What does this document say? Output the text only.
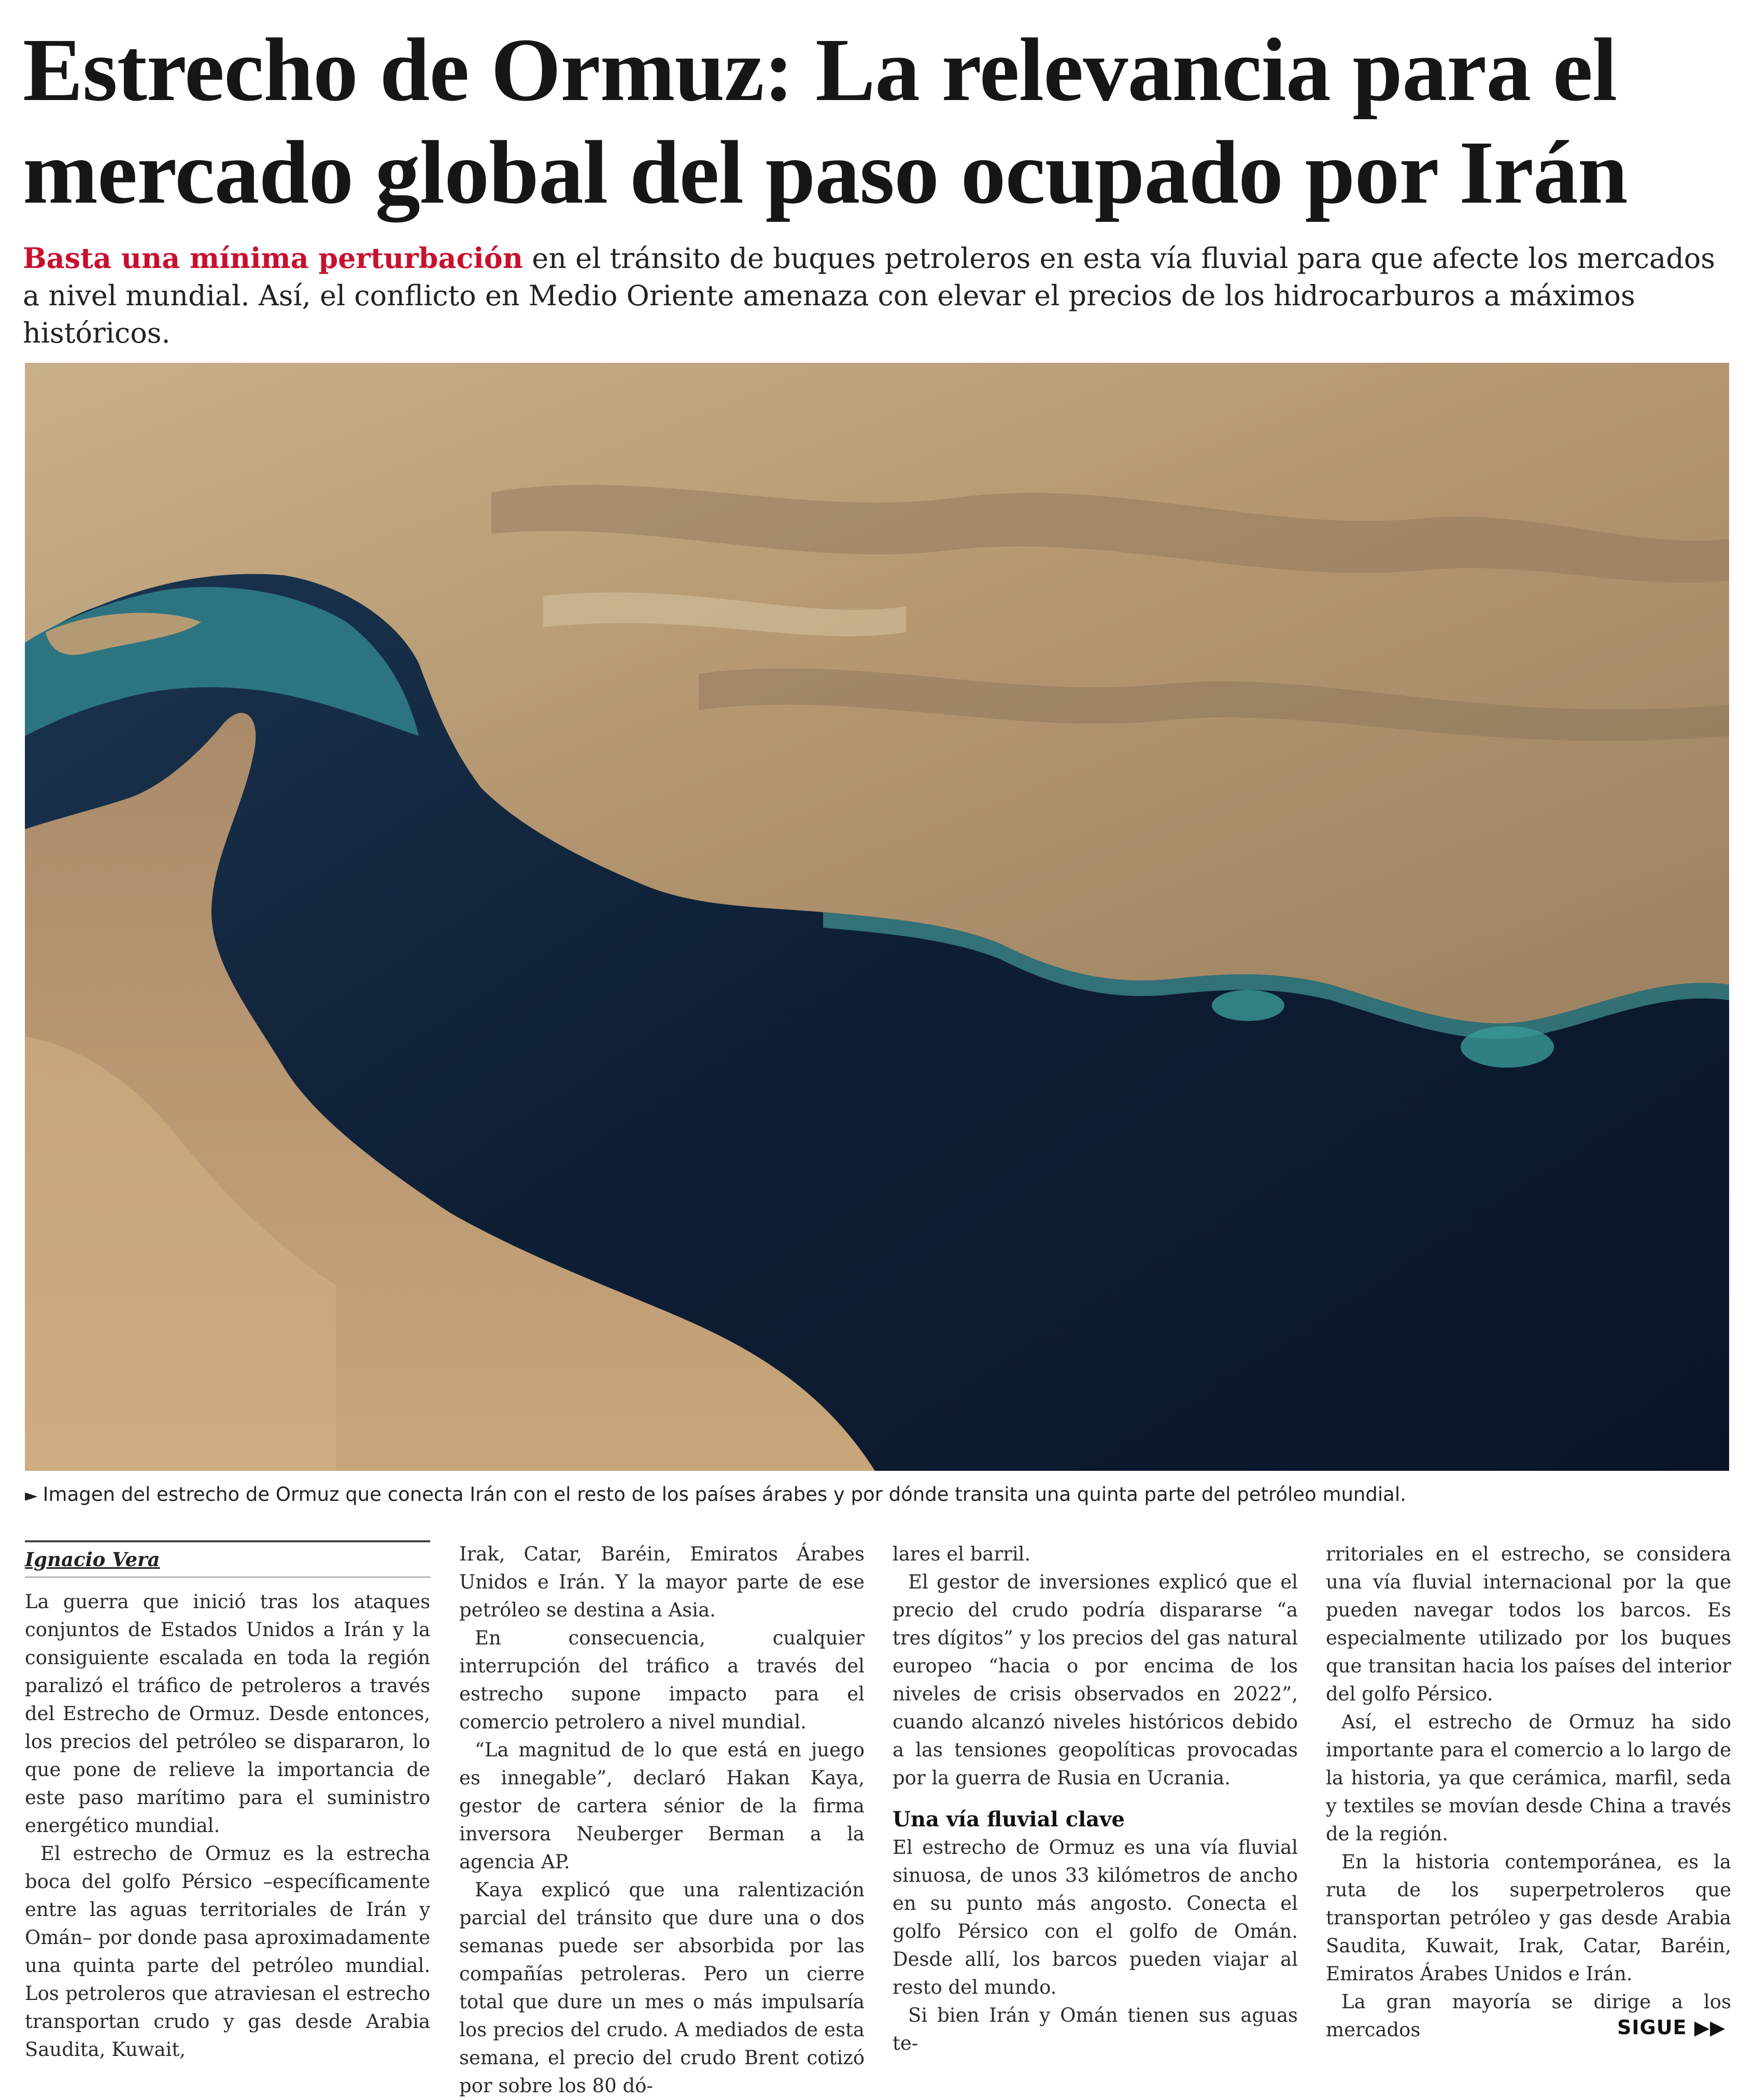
Estrecho de Ormuz: La relevancia para el
mercado global del paso ocupado por Irán
Basta una mínima perturbación en el tránsito de buques petroleros en esta vía fluvial para que afecte los mercados a nivel mundial. Así, el conflicto en Medio Oriente amenaza con elevar el precios de los hidrocarburos a máximos históricos.
► Imagen del estrecho de Ormuz que conecta Irán con el resto de los países árabes y por dónde transita una quinta parte del petróleo mundial.
Ignacio Vera

La guerra que inició tras los ataques conjuntos de Estados Unidos a Irán y la consiguiente escalada en toda la región paralizó el tráfico de petroleros a través del Estrecho de Ormuz. Desde entonces, los precios del petróleo se dispararon, lo que pone de relieve la importancia de este paso marítimo para el suministro energético mundial.

El estrecho de Ormuz es la estrecha boca del golfo Pérsico –específicamente entre las aguas territoriales de Irán y Omán– por donde pasa aproximadamente una quinta parte del petróleo mundial. Los petroleros que atraviesan el estrecho transportan crudo y gas desde Arabia Saudita, Kuwait,

Irak, Catar, Baréin, Emiratos Árabes Unidos e Irán. Y la mayor parte de ese petróleo se destina a Asia.

En consecuencia, cualquier interrupción del tráfico a través del estrecho supone impacto para el comercio petrolero a nivel mundial.

“La magnitud de lo que está en juego es innegable”, declaró Hakan Kaya, gestor de cartera sénior de la firma inversora Neuberger Berman a la agencia AP.

Kaya explicó que una ralentización parcial del tránsito que dure una o dos semanas puede ser absorbida por las compañías petroleras. Pero un cierre total que dure un mes o más impulsaría los precios del crudo. A mediados de esta semana, el precio del crudo Brent cotizó por sobre los 80 dó-

lares el barril.

El gestor de inversiones explicó que el precio del crudo podría dispararse “a tres dígitos” y los precios del gas natural europeo “hacia o por encima de los niveles de crisis observados en 2022”, cuando alcanzó niveles históricos debido a las tensiones geopolíticas provocadas por la guerra de Rusia en Ucrania.

Una vía fluvial clave

El estrecho de Ormuz es una vía fluvial sinuosa, de unos 33 kilómetros de ancho en su punto más angosto. Conecta el golfo Pérsico con el golfo de Omán. Desde allí, los barcos pueden viajar al resto del mundo.

Si bien Irán y Omán tienen sus aguas te-

rritoriales en el estrecho, se considera una vía fluvial internacional por la que pueden navegar todos los barcos. Es especialmente utilizado por los buques que transitan hacia los países del interior del golfo Pérsico.

Así, el estrecho de Ormuz ha sido importante para el comercio a lo largo de la historia, ya que cerámica, marfil, seda y textiles se movían desde China a través de la región.

En la historia contemporánea, es la ruta de los superpetroleros que transportan petróleo y gas desde Arabia Saudita, Kuwait, Irak, Catar, Baréin, Emiratos Árabes Unidos e Irán.

La gran mayoría se dirige a los mercados	SIGUE ▶▶
